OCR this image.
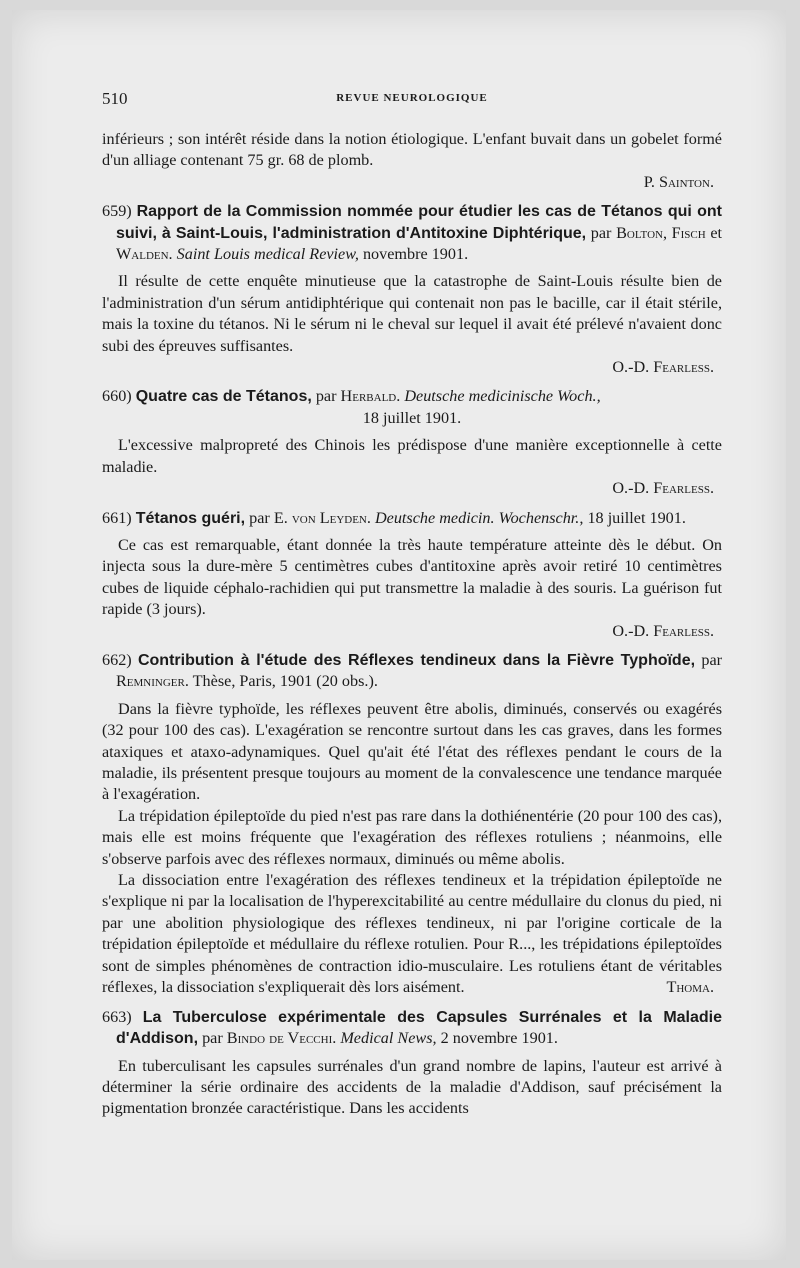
510	REVUE NEUROLOGIQUE

inférieurs ; son intérêt réside dans la notion étiologique. L'enfant buvait dans un gobelet formé d'un alliage contenant 75 gr. 68 de plomb.

P. Sainton.

659) Rapport de la Commission nommée pour étudier les cas de Tétanos qui ont suivi, à Saint-Louis, l'administration d'Antitoxine Diphtérique, par Bolton, Fisch et Walden. Saint Louis medical Review, novembre 1901.

Il résulte de cette enquête minutieuse que la catastrophe de Saint-Louis résulte bien de l'administration d'un sérum antidiphtérique qui contenait non pas le bacille, car il était stérile, mais la toxine du tétanos. Ni le sérum ni le cheval sur lequel il avait été prélevé n'avaient donc subi des épreuves suffisantes.

O.-D. Fearless.

660) Quatre cas de Tétanos, par Herbald. Deutsche medicinische Woch.,

18 juillet 1901.

L'excessive malpropreté des Chinois les prédispose d'une manière exceptionnelle à cette maladie.

O.-D. Fearless.

661) Tétanos guéri, par E. von Leyden. Deutsche medicin. Wochenschr., 18 juillet 1901.

Ce cas est remarquable, étant donnée la très haute température atteinte dès le début. On injecta sous la dure-mère 5 centimètres cubes d'antitoxine après avoir retiré 10 centimètres cubes de liquide céphalo-rachidien qui put transmettre la maladie à des souris. La guérison fut rapide (3 jours).

O.-D. Fearless.

662) Contribution à l'étude des Réflexes tendineux dans la Fièvre Typhoïde, par Remninger. Thèse, Paris, 1901 (20 obs.).

Dans la fièvre typhoïde, les réflexes peuvent être abolis, diminués, conservés ou exagérés (32 pour 100 des cas). L'exagération se rencontre surtout dans les cas graves, dans les formes ataxiques et ataxo-adynamiques. Quel qu'ait été l'état des réflexes pendant le cours de la maladie, ils présentent presque toujours au moment de la convalescence une tendance marquée à l'exagération.

La trépidation épileptoïde du pied n'est pas rare dans la dothiénentérie (20 pour 100 des cas), mais elle est moins fréquente que l'exagération des réflexes rotuliens ; néanmoins, elle s'observe parfois avec des réflexes normaux, diminués ou même abolis.

La dissociation entre l'exagération des réflexes tendineux et la trépidation épileptoïde ne s'explique ni par la localisation de l'hyperexcitabilité au centre médullaire du clonus du pied, ni par une abolition physiologique des réflexes tendineux, ni par l'origine corticale de la trépidation épileptoïde et médullaire du réflexe rotulien. Pour R..., les trépidations épileptoïdes sont de simples phénomènes de contraction idio-musculaire. Les rotuliens étant de véritables réflexes, la dissociation s'expliquerait dès lors aisément.	Thoma.

663) La Tuberculose expérimentale des Capsules Surrénales et la Maladie d'Addison, par Bindo de Vecchi. Medical News, 2 novembre 1901.

En tuberculisant les capsules surrénales d'un grand nombre de lapins, l'auteur est arrivé à déterminer la série ordinaire des accidents de la maladie d'Addison, sauf précisément la pigmentation bronzée caractéristique. Dans les accidents
